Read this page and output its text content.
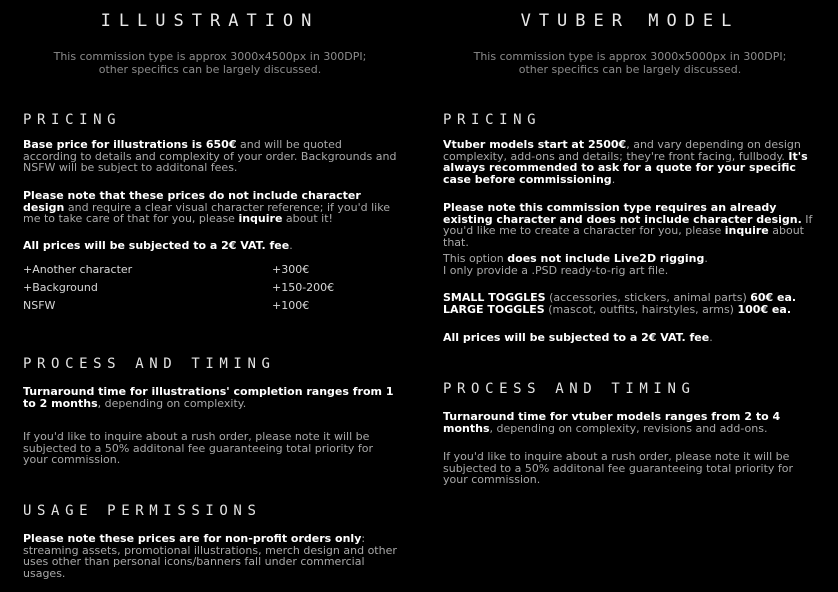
ILLUSTRATION
This commission type is approx 3000x4500px in 300DPI;
other specifics can be largely discussed.
PRICING
Base price for illustrations is 650€ and will be quoted according to details and complexity of your order. Backgrounds and NSFW will be subject to additonal fees.
Please note that these prices do not include character design and require a clear visual character reference; if you'd like me to take care of that for you, please inquire about it!
All prices will be subjected to a 2€ VAT. fee.
+Another character	+300€
+Background	+150-200€
NSFW	+100€
PROCESS AND TIMING
Turnaround time for illustrations' completion ranges from 1 to 2 months, depending on complexity.
If you'd like to inquire about a rush order, please note it will be subjected to a 50% additonal fee guaranteeing total priority for your commission.
USAGE PERMISSIONS
Please note these prices are for non-profit orders only: streaming assets, promotional illustrations, merch design and other uses other than personal icons/banners fall under commercial usages.
VTUBER MODEL
This commission type is approx 3000x5000px in 300DPI;
other specifics can be largely discussed.
PRICING
Vtuber models start at 2500€, and vary depending on design complexity, add-ons and details; they're front facing, fullbody. It's always recommended to ask for a quote for your specific case before commissioning.
Please note this commission type requires an already existing character and does not include character design. If you'd like me to create a character for you, please inquire about that.
This option does not include Live2D rigging.
I only provide a .PSD ready-to-rig art file.
SMALL TOGGLES (accessories, stickers, animal parts) 60€ ea.
LARGE TOGGLES (mascot, outfits, hairstyles, arms) 100€ ea.
All prices will be subjected to a 2€ VAT. fee.
PROCESS AND TIMING
Turnaround time for vtuber models ranges from 2 to 4 months, depending on complexity, revisions and add-ons.
If you'd like to inquire about a rush order, please note it will be subjected to a 50% additonal fee guaranteeing total priority for your commission.
